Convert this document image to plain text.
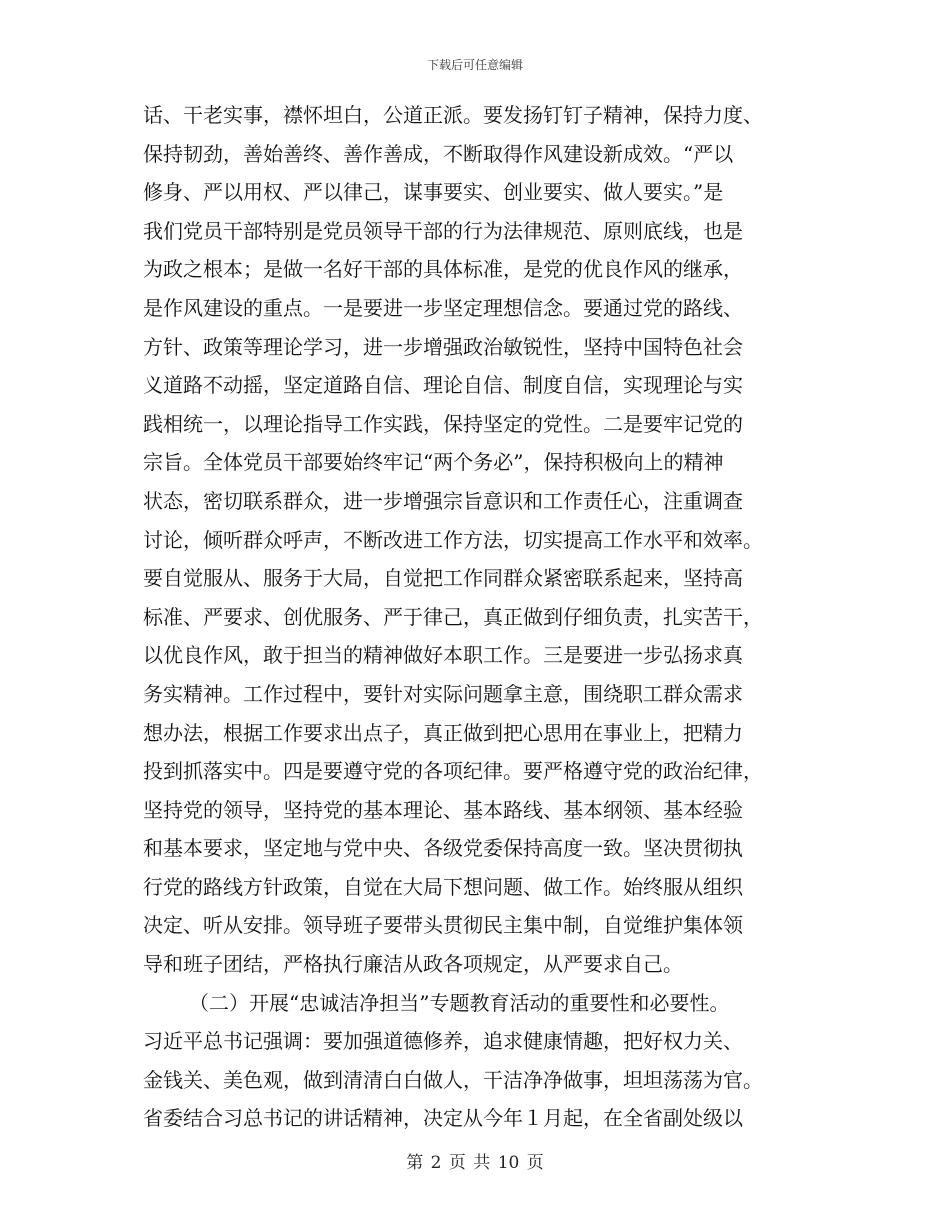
下载后可任意编辑
话、干老实事，襟怀坦白，公道正派。要发扬钉钉子精神，保持力度、
保持韧劲，善始善终、善作善成，不断取得作风建设新成效。“严以
修身、严以用权、严以律己，谋事要实、创业要实、做人要实。”是
我们党员干部特别是党员领导干部的行为法律规范、原则底线，也是
为政之根本；是做一名好干部的具体标准，是党的优良作风的继承，
是作风建设的重点。一是要进一步坚定理想信念。要通过党的路线、
方针、政策等理论学习，进一步增强政治敏锐性，坚持中国特色社会
义道路不动摇，坚定道路自信、理论自信、制度自信，实现理论与实
践相统一，以理论指导工作实践，保持坚定的党性。二是要牢记党的
宗旨。全体党员干部要始终牢记“两个务必”，保持积极向上的精神
状态，密切联系群众，进一步增强宗旨意识和工作责任心，注重调查
讨论，倾听群众呼声，不断改进工作方法，切实提高工作水平和效率。
要自觉服从、服务于大局，自觉把工作同群众紧密联系起来，坚持高
标准、严要求、创优服务、严于律己，真正做到仔细负责，扎实苦干，
以优良作风，敢于担当的精神做好本职工作。三是要进一步弘扬求真
务实精神。工作过程中，要针对实际问题拿主意，围绕职工群众需求
想办法，根据工作要求出点子，真正做到把心思用在事业上，把精力
投到抓落实中。四是要遵守党的各项纪律。要严格遵守党的政治纪律，
坚持党的领导，坚持党的基本理论、基本路线、基本纲领、基本经验
和基本要求，坚定地与党中央、各级党委保持高度一致。坚决贯彻执
行党的路线方针政策，自觉在大局下想问题、做工作。始终服从组织
决定、听从安排。领导班子要带头贯彻民主集中制，自觉维护集体领
导和班子团结，严格执行廉洁从政各项规定，从严要求自己。
（二）开展“忠诚洁净担当”专题教育活动的重要性和必要性。
习近平总书记强调：要加强道德修养，追求健康情趣，把好权力关、
金钱关、美色观，做到清清白白做人，干洁净净做事，坦坦荡荡为官。
省委结合习总书记的讲话精神，决定从今年１月起，在全省副处级以
第 2 页 共 10 页
